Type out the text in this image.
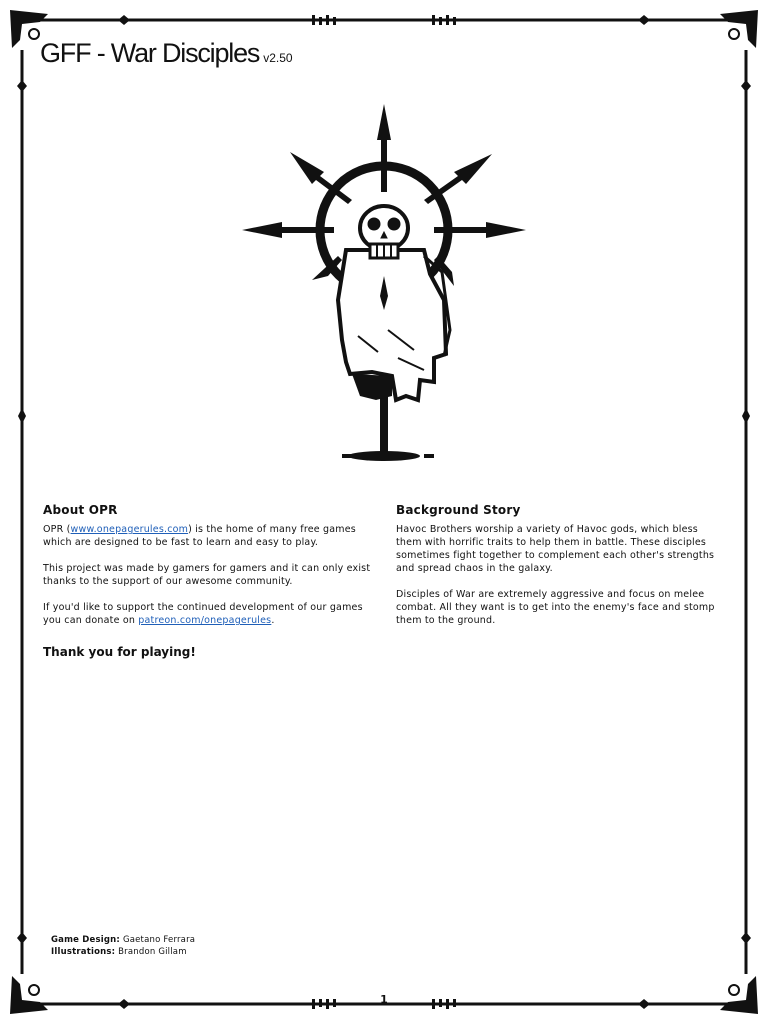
GFF - War Disciples v2.50
About OPR

OPR (www.onepagerules.com) is the home of many free games which are designed to be fast to learn and easy to play.

This project was made by gamers for gamers and it can only exist thanks to the support of our awesome community.

If you'd like to support the continued development of our games you can donate on patreon.com/onepagerules.

Thank you for playing!
Background Story

Havoc Brothers worship a variety of Havoc gods, which bless them with horrific traits to help them in battle. These disciples sometimes fight together to complement each other's strengths and spread chaos in the galaxy.

Disciples of War are extremely aggressive and focus on melee combat. All they want is to get into the enemy's face and stomp them to the ground.

Game Design: Gaetano Ferrara
Illustrations: Brandon Gillam
1
